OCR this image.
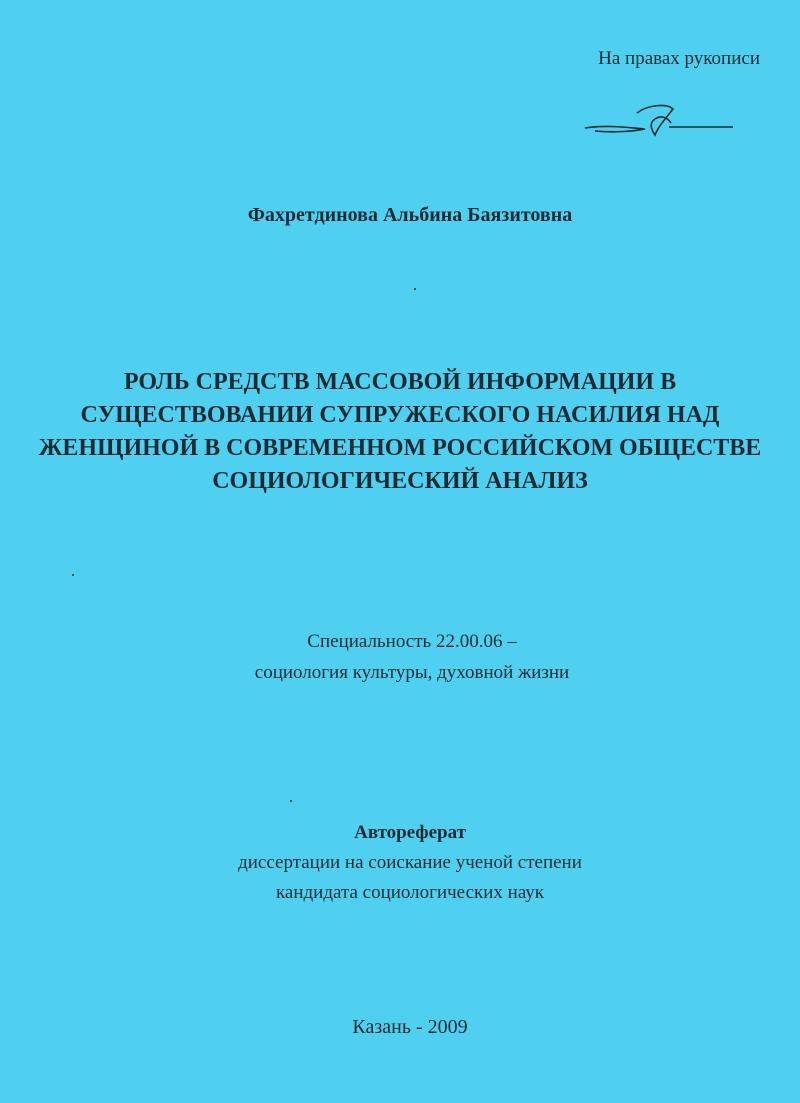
На правах рукописи
Фахретдинова Альбина Баязитовна
РОЛЬ СРЕДСТВ МАССОВОЙ ИНФОРМАЦИИ В
СУЩЕСТВОВАНИИ СУПРУЖЕСКОГО НАСИЛИЯ НАД
ЖЕНЩИНОЙ В СОВРЕМЕННОМ РОССИЙСКОМ ОБЩЕСТВЕ
СОЦИОЛОГИЧЕСКИЙ АНАЛИЗ
Специальность 22.00.06 –
социология культуры, духовной жизни
Автореферат
диссертации на соискание ученой степени
кандидата социологических наук
Казань - 2009
